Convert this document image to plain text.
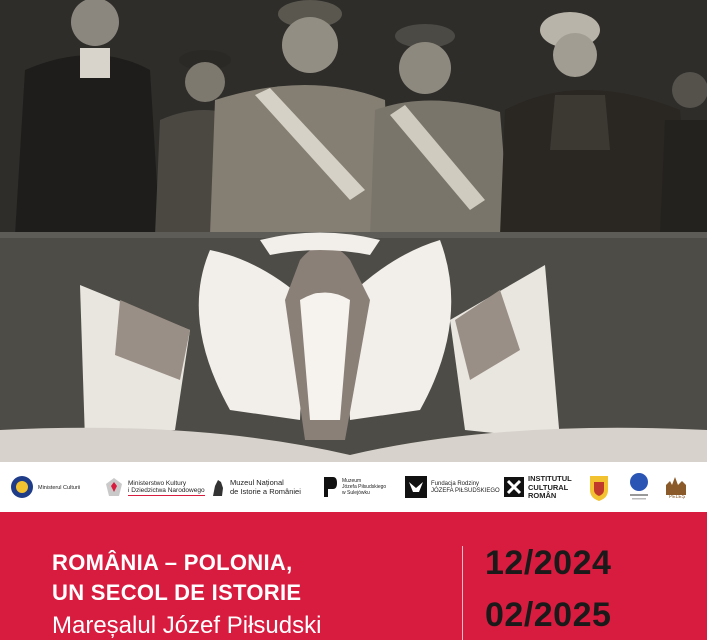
Ministerul Culturii
Ministerstwo Kultury
i Dziedzictwa Narodowego
Muzeul Național
de Istorie a României
Muzeum
Józefa Piłsudskiego
w Sulejówku
Fundacja Rodziny
JÓZEFA PIŁSUDSKIEGO
INSTITUTUL
CULTURAL
ROMÂN	PELEȘ
ROMÂNIA – POLONIA,
UN SECOL DE ISTORIE
Mareșalul Józef Piłsudski
12/2024
02/2025
